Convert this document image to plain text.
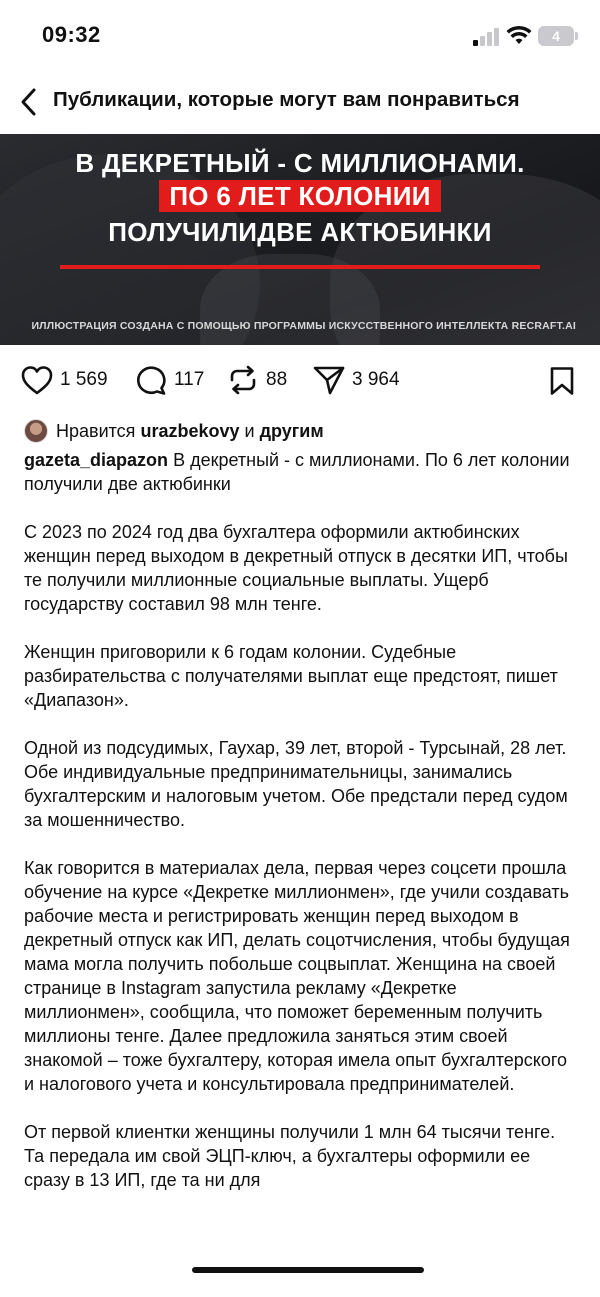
09:32	4
Публикации, которые могут вам понравиться
В ДЕКРЕТНЫЙ - С МИЛЛИОНАМИ.
ПО 6 ЛЕТ КОЛОНИИ
ПОЛУЧИЛИДВЕ АКТЮБИНКИ
ИЛЛЮСТРАЦИЯ СОЗДАНА С ПОМОЩЬЮ ПРОГРАММЫ ИСКУССТВЕННОГО ИНТЕЛЛЕКТА RECRAFT.AI
1 569	117	88	3 964
Нравится
urazbekovy
и
другим

gazeta_diapazon В декретный - с миллионами. По 6 лет колонии получили две актюбинки

С 2023 по 2024 год два бухгалтера оформили актюбинских женщин перед выходом в декретный отпуск в десятки ИП, чтобы те получили миллионные социальные выплаты. Ущерб государству составил 98 млн тенге.

Женщин приговорили к 6 годам колонии. Судебные разбирательства с получателями выплат еще предстоят, пишет «Диапазон».

Одной из подсудимых, Гаухар, 39 лет, второй - Турсынай, 28 лет. Обе индивидуальные предпринимательницы, занимались бухгалтерским и налоговым учетом. Обе предстали перед судом за мошенничество.

Как говорится в материалах дела, первая через соцсети прошла обучение на курсе «Декретке миллионмен», где учили создавать рабочие места и регистрировать женщин перед выходом в декретный отпуск как ИП, делать соцотчисления, чтобы будущая мама могла получить побольше соцвыплат. Женщина на своей странице в Instagram запустила рекламу «Декретке миллионмен», сообщила, что поможет беременным получить миллионы тенге. Далее предложила заняться этим своей знакомой – тоже бухгалтеру, которая имела опыт бухгалтерского и налогового учета и консультировала предпринимателей.

От первой клиентки женщины получили 1 млн 64 тысячи тенге. Та передала им свой ЭЦП-ключ, а бухгалтеры оформили ее сразу в 13 ИП, где та ни для
